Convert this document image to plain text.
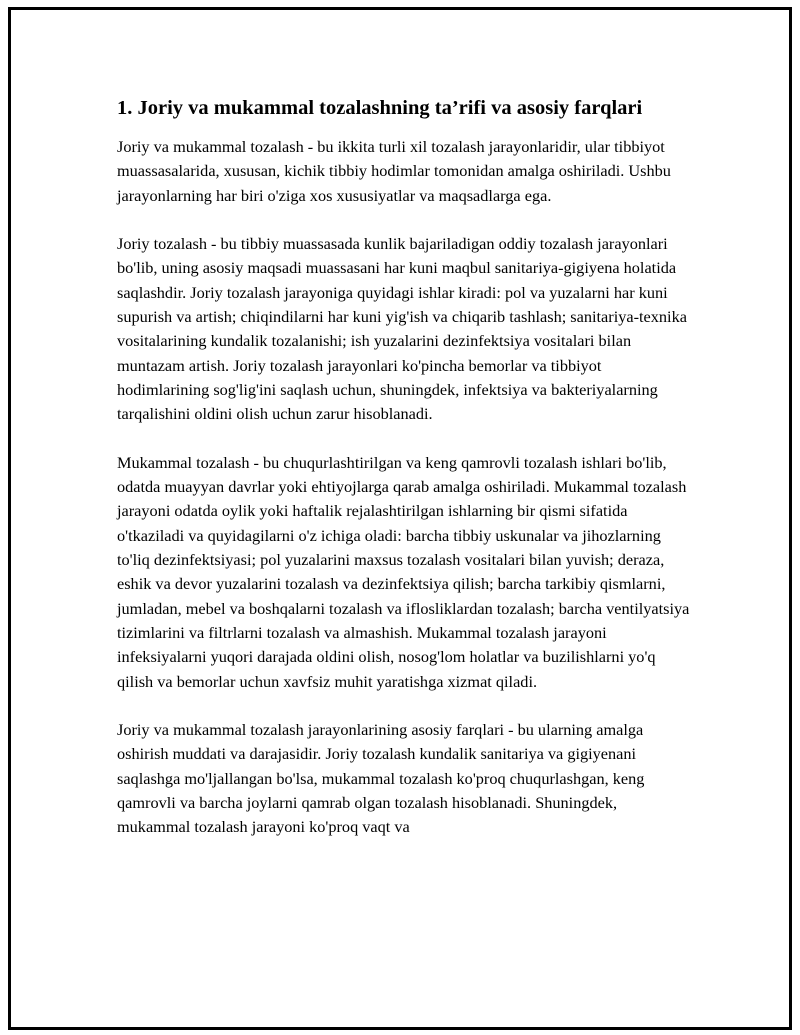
1. Joriy va mukammal tozalashning ta’rifi va asosiy farqlari

Joriy va mukammal tozalash - bu ikkita turli xil tozalash jarayonlaridir, ular tibbiyot muassasalarida, xususan, kichik tibbiy hodimlar tomonidan amalga oshiriladi. Ushbu jarayonlarning har biri o'ziga xos xususiyatlar va maqsadlarga ega.

Joriy tozalash - bu tibbiy muassasada kunlik bajariladigan oddiy tozalash jarayonlari bo'lib, uning asosiy maqsadi muassasani har kuni maqbul sanitariya-gigiyena holatida saqlashdir. Joriy tozalash jarayoniga quyidagi ishlar kiradi: pol va yuzalarni har kuni supurish va artish; chiqindilarni har kuni yig'ish va chiqarib tashlash; sanitariya-texnika vositalarining kundalik tozalanishi; ish yuzalarini dezinfektsiya vositalari bilan muntazam artish. Joriy tozalash jarayonlari ko'pincha bemorlar va tibbiyot hodimlarining sog'lig'ini saqlash uchun, shuningdek, infektsiya va bakteriyalarning tarqalishini oldini olish uchun zarur hisoblanadi.

Mukammal tozalash - bu chuqurlashtirilgan va keng qamrovli tozalash ishlari bo'lib, odatda muayyan davrlar yoki ehtiyojlarga qarab amalga oshiriladi. Mukammal tozalash jarayoni odatda oylik yoki haftalik rejalashtirilgan ishlarning bir qismi sifatida o'tkaziladi va quyidagilarni o'z ichiga oladi: barcha tibbiy uskunalar va jihozlarning to'liq dezinfektsiyasi; pol yuzalarini maxsus tozalash vositalari bilan yuvish; deraza, eshik va devor yuzalarini tozalash va dezinfektsiya qilish; barcha tarkibiy qismlarni, jumladan, mebel va boshqalarni tozalash va iflosliklardan tozalash; barcha ventilyatsiya tizimlarini va filtrlarni tozalash va almashish. Mukammal tozalash jarayoni infeksiyalarni yuqori darajada oldini olish, nosog'lom holatlar va buzilishlarni yo'q qilish va bemorlar uchun xavfsiz muhit yaratishga xizmat qiladi.

Joriy va mukammal tozalash jarayonlarining asosiy farqlari - bu ularning amalga oshirish muddati va darajasidir. Joriy tozalash kundalik sanitariya va gigiyenani saqlashga mo'ljallangan bo'lsa, mukammal tozalash ko'proq chuqurlashgan, keng qamrovli va barcha joylarni qamrab olgan tozalash hisoblanadi. Shuningdek, mukammal tozalash jarayoni ko'proq vaqt va
